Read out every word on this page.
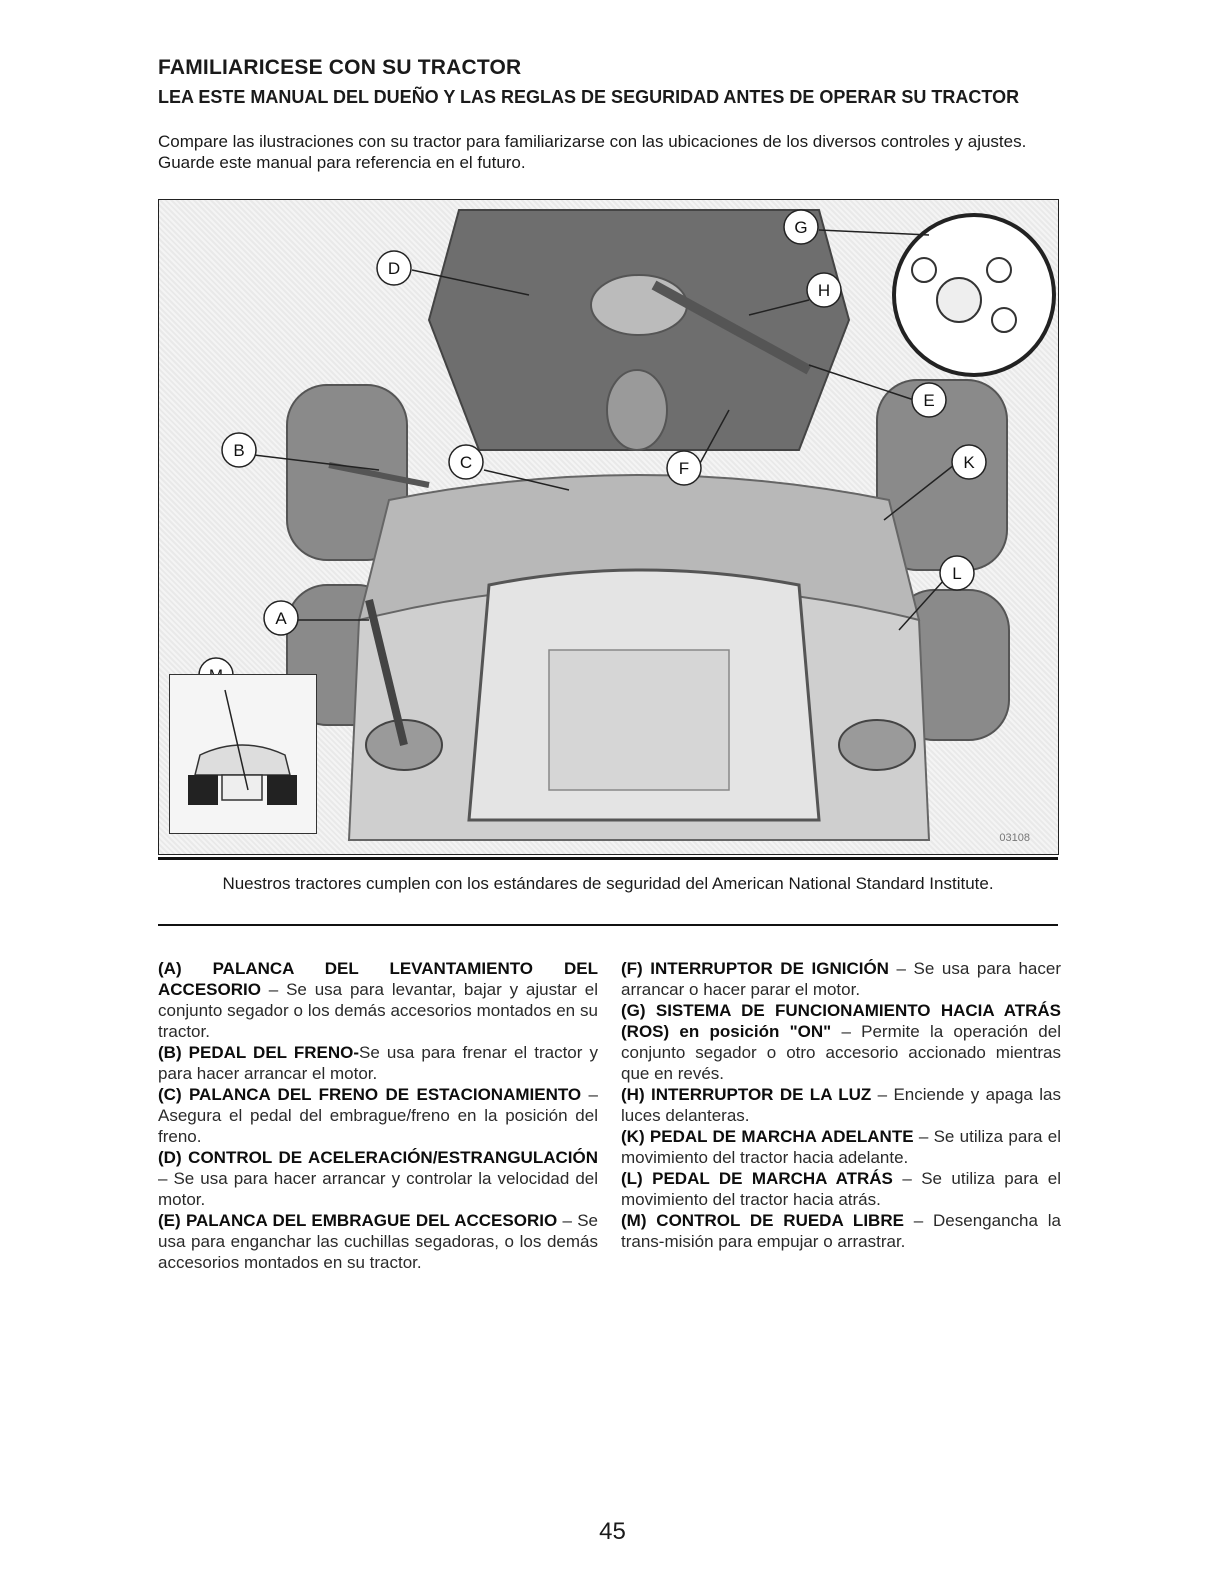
FAMILIARICESE CON SU TRACTOR
LEA ESTE MANUAL DEL DUEÑO Y LAS REGLAS DE SEGURIDAD ANTES DE OPERAR SU TRACTOR
Compare las ilustraciones con su tractor para familiarizarse con las ubicaciones de los diversos controles y ajustes. Guarde este manual para referencia en el futuro.
D
G
H
E
F
C
B
K
L
A
03108
Nuestros tractores cumplen con los estándares de seguridad del American National Standard Institute.

(A) PALANCA DEL LEVANTAMIENTO DEL ACCESORIO – Se usa para levantar, bajar y ajustar el conjunto segador o los demás accesorios montados en su tractor.

(B) PEDAL DEL FRENO-Se usa para frenar el tractor y para hacer arrancar el motor.

(C) PALANCA DEL FRENO DE ESTACIONAMIENTO – Asegura el pedal del embrague/freno en la posición del freno.

(D) CONTROL DE ACELERACIÓN/ESTRANGULACIÓN – Se usa para hacer arrancar y controlar la velocidad del motor.

(E) PALANCA DEL EMBRAGUE DEL ACCESORIO – Se usa para enganchar las cuchillas segadoras, o los demás accesorios montados en su tractor.

(F) INTERRUPTOR DE IGNICIÓN – Se usa para hacer arrancar o hacer parar el motor.

(G) SISTEMA DE FUNCIONAMIENTO HACIA ATRÁS (ROS) en posición "ON" – Permite la operación del conjunto segador o otro accesorio accionado mientras que en revés.

(H) INTERRUPTOR DE LA LUZ – Enciende y apaga las luces delanteras.

(K) PEDAL DE MARCHA ADELANTE – Se utiliza para el movimiento del tractor hacia adelante.

(L) PEDAL DE MARCHA ATRÁS – Se utiliza para el movimiento del tractor hacia atrás.

(M) CONTROL DE RUEDA LIBRE – Desengancha la trans-misión para empujar o arrastrar.

45
